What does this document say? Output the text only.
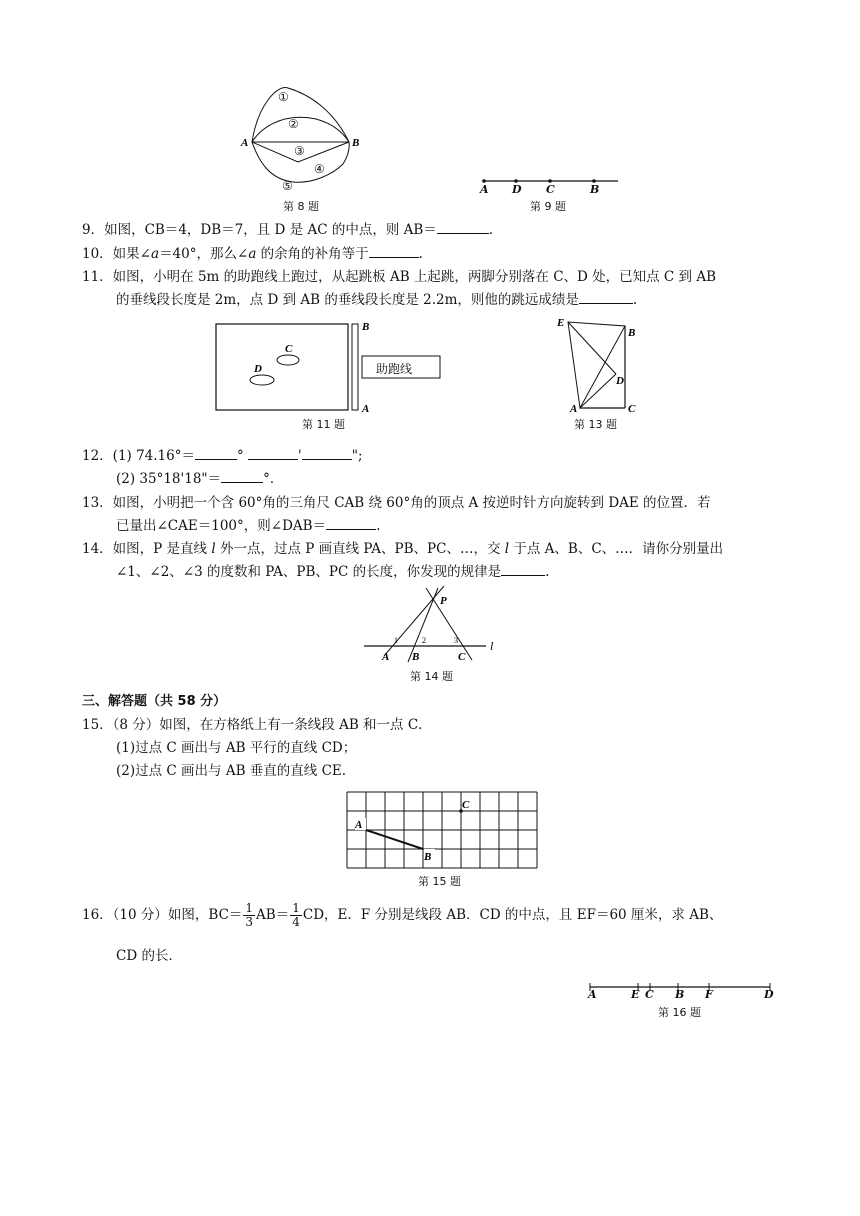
A	B
①
②
③
④
⑤
第 8 题
A D C	B
第 9 题
9．如图，CB＝4，DB＝7，且 D 是 AC 的中点，则 AB＝	.
10．如果∠a＝40°，那么∠a 的余角的补角等于	.
11．如图，小明在 5m 的助跑线上跑过，从起跳板 AB 上起跳，两脚分别落在 C、D 处，已知点 C 到 AB
的垂线段长度是 2m，点 D 到 AB 的垂线段长度是 2.2m，则他的跳远成绩是	.
C
D
B
A
助跑线
第 11 题
E
B
D
A	C
第 13 题
12．(1) 74.16°＝	°	'	";
(2) 35°18'18"＝	°．
13．如图，小明把一个含 60°角的三角尺 CAB 绕 60°角的顶点 A 按逆时针方向旋转到 DAE 的位置．若
已量出∠CAE＝100°，则∠DAB＝	.
14．如图，P 是直线 l 外一点，过点 P 画直线 PA、PB、PC、…，交 l 于点 A、B、C、…．请你分别量出
∠1、∠2、∠3 的度数和 PA、PB、PC 的长度，你发现的规律是	.
1	2	3
P
l
A B	C
第 14 题
三、解答题（共 58 分）
15．（8 分）如图，在方格纸上有一条线段 AB 和一点 C．
(1)过点 C 画出与 AB 平行的直线 CD；
(2)过点 C 画出与 AB 垂直的直线 CE.
A
B
C
第 15 题
16．（10 分）如图，$BC= \frac{1}{3} AB= \frac{1}{4}$ CD，E．F 分别是线段 AB．CD 的中点，且 EF＝60 厘米，求 AB、
CD 的长．
A	E C B F	D
第 16 题
